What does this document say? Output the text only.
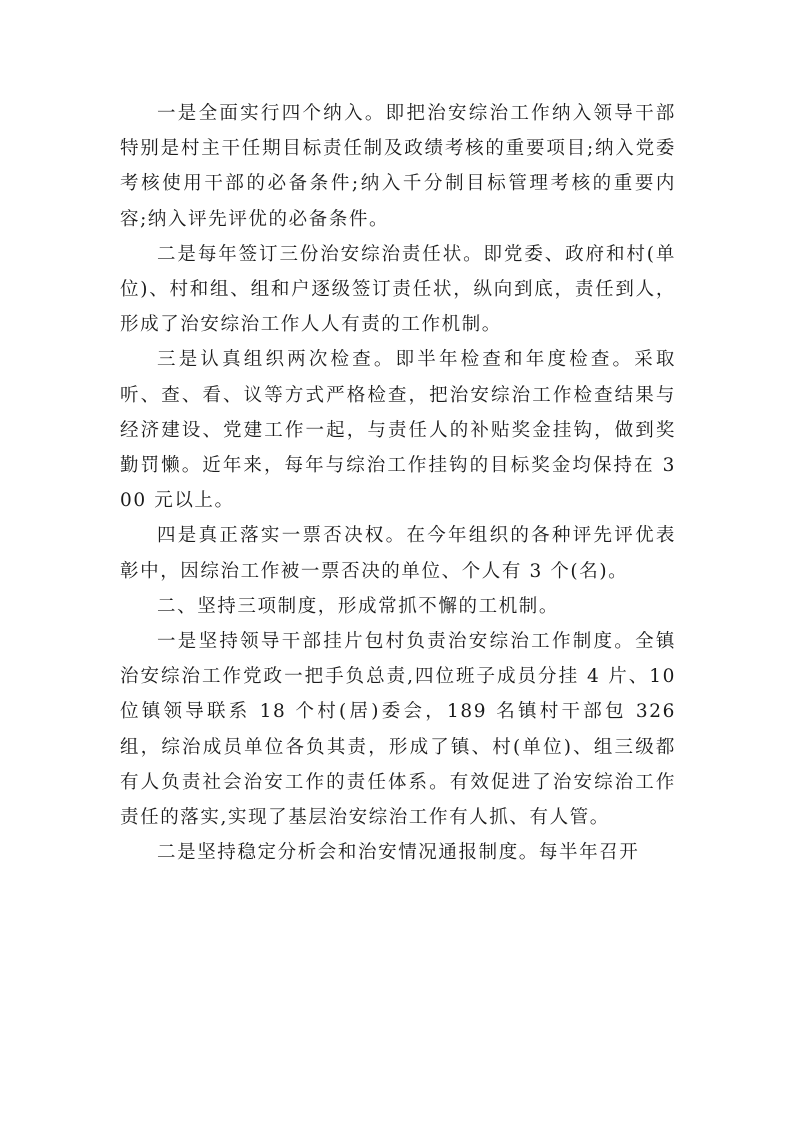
一是全面实行四个纳入。即把治安综治工作纳入领导干部特别是村主干任期目标责任制及政绩考核的重要项目;纳入党委考核使用干部的必备条件;纳入千分制目标管理考核的重要内容;纳入评先评优的必备条件。

二是每年签订三份治安综治责任状。即党委、政府和村(单位)、村和组、组和户逐级签订责任状，纵向到底，责任到人，形成了治安综治工作人人有责的工作机制。

三是认真组织两次检查。即半年检查和年度检查。采取听、查、看、议等方式严格检查，把治安综治工作检查结果与经济建设、党建工作一起，与责任人的补贴奖金挂钩，做到奖勤罚懒。近年来，每年与综治工作挂钩的目标奖金均保持在 300 元以上。

四是真正落实一票否决权。在今年组织的各种评先评优表彰中，因综治工作被一票否决的单位、个人有 3 个(名)。

二、坚持三项制度，形成常抓不懈的工机制。

一是坚持领导干部挂片包村负责治安综治工作制度。全镇治安综治工作党政一把手负总责,四位班子成员分挂 4 片、10 位镇领导联系 18 个村(居)委会，189 名镇村干部包 326 组，综治成员单位各负其责，形成了镇、村(单位)、组三级都有人负责社会治安工作的责任体系。有效促进了治安综治工作责任的落实,实现了基层治安综治工作有人抓、有人管。

二是坚持稳定分析会和治安情况通报制度。每半年召开
